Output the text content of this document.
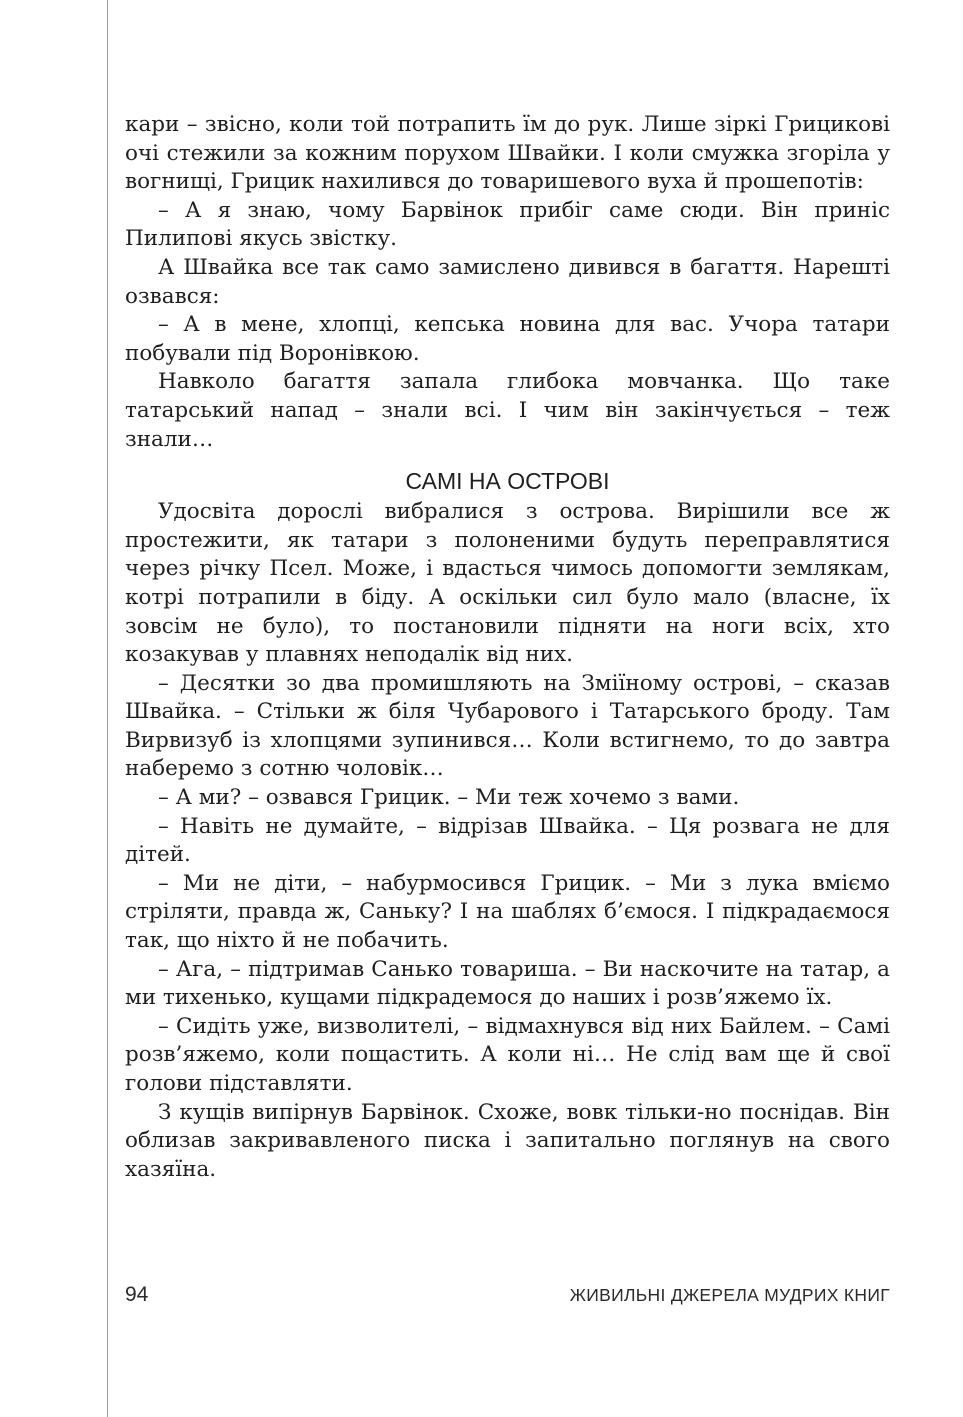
кари – звісно, коли той потрапить їм до рук. Лише зіркі Грицикові очі стежили за кожним порухом Швайки. І коли смужка згоріла у вогнищі, Грицик нахилився до товаришевого вуха й прошепотів:

– А я знаю, чому Барвінок прибіг саме сюди. Він приніс Пилипові якусь звістку.

А Швайка все так само замислено дивився в багаття. Нарешті озвався:

– А в мене, хлопці, кепська новина для вас. Учора татари побували під Воронівкою.

Навколо багаття запала глибока мовчанка. Що таке татарський напад – знали всі. І чим він закінчується – теж знали…

САМІ НА ОСТРОВІ

Удосвіта дорослі вибралися з острова. Вирішили все ж простежити, як татари з полоненими будуть переправлятися через річку Псел. Може, і вдасться чимось допомогти землякам, котрі потрапили в біду. А оскільки сил було мало (власне, їх зовсім не було), то постановили підняти на ноги всіх, хто козакував у плавнях неподалік від них.

– Десятки зо два промишляють на Зміїному острові, – сказав Швайка. – Стільки ж біля Чубарового і Татарського броду. Там Вирвизуб із хлопцями зупинився… Коли встигнемо, то до завтра наберемо з сотню чоловік…

– А ми? – озвався Грицик. – Ми теж хочемо з вами.

– Навіть не думайте, – відрізав Швайка. – Ця розвага не для дітей.

– Ми не діти, – набурмосився Грицик. – Ми з лука вміємо стріляти, правда ж, Саньку? І на шаблях б’ємося. І підкрадаємося так, що ніхто й не побачить.

– Ага, – підтримав Санько товариша. – Ви наскочите на татар, а ми тихенько, кущами підкрадемося до наших і розв’яжемо їх.

– Сидіть уже, визволителі, – відмахнувся від них Байлем. – Самі розв’яжемо, коли пощастить. А коли ні… Не слід вам ще й свої голови підставляти.

З кущів випірнув Барвінок. Схоже, вовк тільки-но поснідав. Він облизав закривавленого писка і запитально поглянув на свого хазяїна.

94	ЖИВИЛЬНІ ДЖЕРЕЛА МУДРИХ КНИГ
